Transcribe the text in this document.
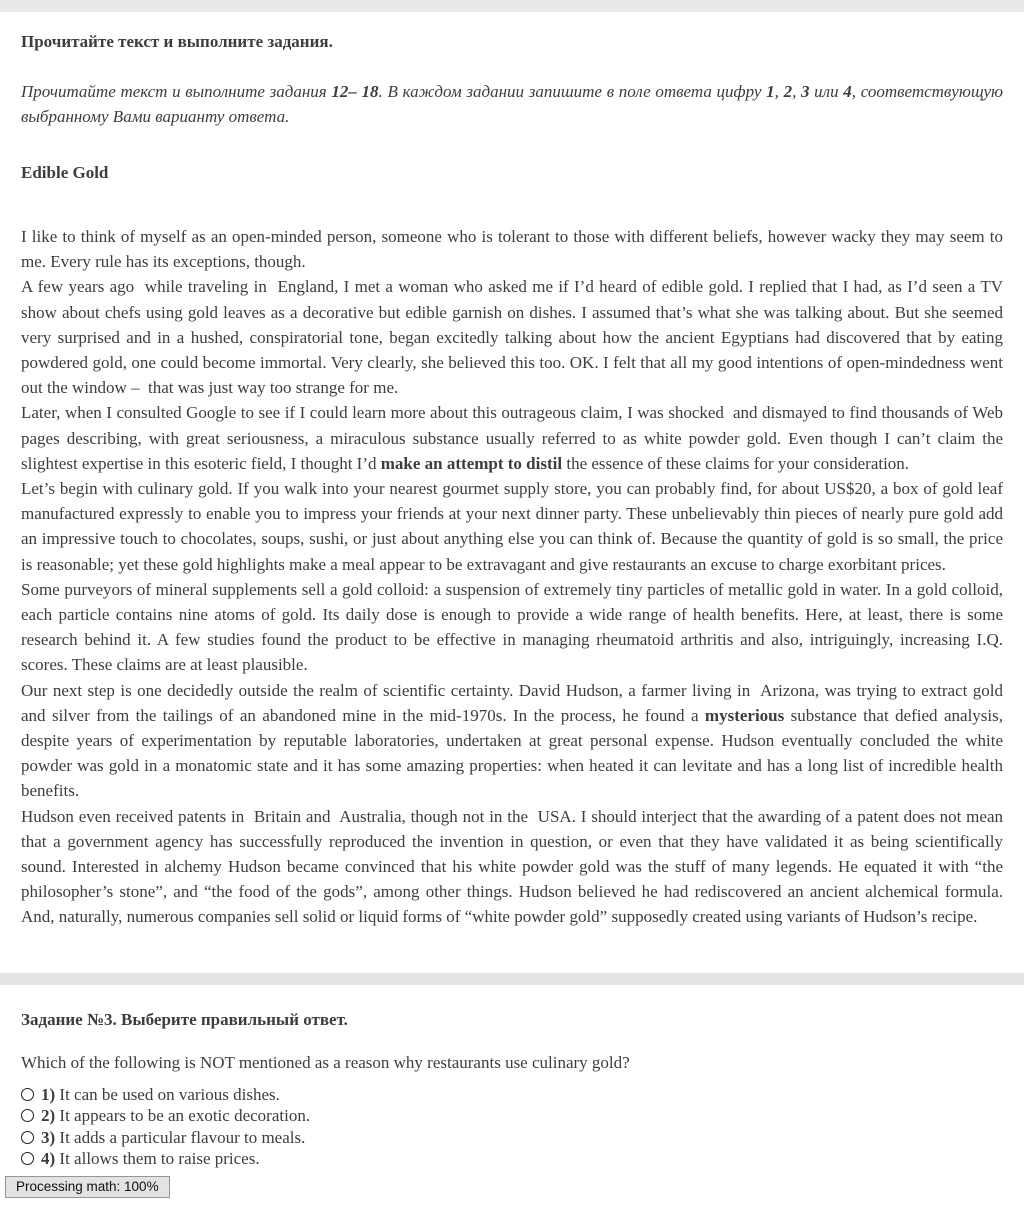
Прочитайте текст и выполните задания.

Прочитайте текст и выполните задания 12– 18. В каждом задании запишите в поле ответа цифру 1, 2, 3 или 4, соответствующую выбранному Вами варианту ответа.

Edible Gold

I like to think of myself as an open-minded person, someone who is tolerant to those with different beliefs, however wacky they may seem to me. Every rule has its exceptions, though.

A few years ago  while traveling in  England, I met a woman who asked me if I’d heard of edible gold. I replied that I had, as I’d seen a TV show about chefs using gold leaves as a decorative but edible garnish on dishes. I assumed that’s what she was talking about. But she seemed very surprised and in a hushed, conspiratorial tone, began excitedly talking about how the ancient Egyptians had discovered that by eating powdered gold, one could become immortal. Very clearly, she believed this too. OK. I felt that all my good intentions of open-mindedness went out the window –  that was just way too strange for me.

Later, when I consulted Google to see if I could learn more about this outrageous claim, I was shocked  and dismayed to find thousands of Web pages describing, with great seriousness, a miraculous substance usually referred to as white powder gold. Even though I can’t claim the slightest expertise in this esoteric field, I thought I’d make an attempt to distil the essence of these claims for your consideration.

Let’s begin with culinary gold. If you walk into your nearest gourmet supply store, you can probably find, for about US$20, a box of gold leaf manufactured expressly to enable you to impress your friends at your next dinner party. These unbelievably thin pieces of nearly pure gold add an impressive touch to chocolates, soups, sushi, or just about anything else you can think of. Because the quantity of gold is so small, the price is reasonable; yet these gold highlights make a meal appear to be extravagant and give restaurants an excuse to charge exorbitant prices.

Some purveyors of mineral supplements sell a gold colloid: a suspension of extremely tiny particles of metallic gold in water. In a gold colloid, each particle contains nine atoms of gold. Its daily dose is enough to provide a wide range of health benefits. Here, at least, there is some research behind it. A few studies found the product to be effective in managing rheumatoid arthritis and also, intriguingly, increasing I.Q. scores. These claims are at least plausible.

Our next step is one decidedly outside the realm of scientific certainty. David Hudson, a farmer living in  Arizona, was trying to extract gold and silver from the tailings of an abandoned mine in the mid-1970s. In the process, he found a mysterious substance that defied analysis, despite years of experimentation by reputable laboratories, undertaken at great personal expense. Hudson eventually concluded the white powder was gold in a monatomic state and it has some amazing properties: when heated it can levitate and has a long list of incredible health benefits.

Hudson even received patents in  Britain and  Australia, though not in the  USA. I should interject that the awarding of a patent does not mean that a government agency has successfully reproduced the invention in question, or even that they have validated it as being scientifically sound. Interested in alchemy Hudson became convinced that his white powder gold was the stuff of many legends. He equated it with “the philosopher’s stone”, and “the food of the gods”, among other things. Hudson believed he had rediscovered an ancient alchemical formula. And, naturally, numerous companies sell solid or liquid forms of “white powder gold” supposedly created using variants of Hudson’s recipe.

Задание №3. Выберите правильный ответ.

Which of the following is NOT mentioned as a reason why restaurants use culinary gold?

1) It can be used on various dishes.
2) It appears to be an exotic decoration.
3) It adds a particular flavour to meals.
4) It allows them to raise prices.
Processing math: 100%
